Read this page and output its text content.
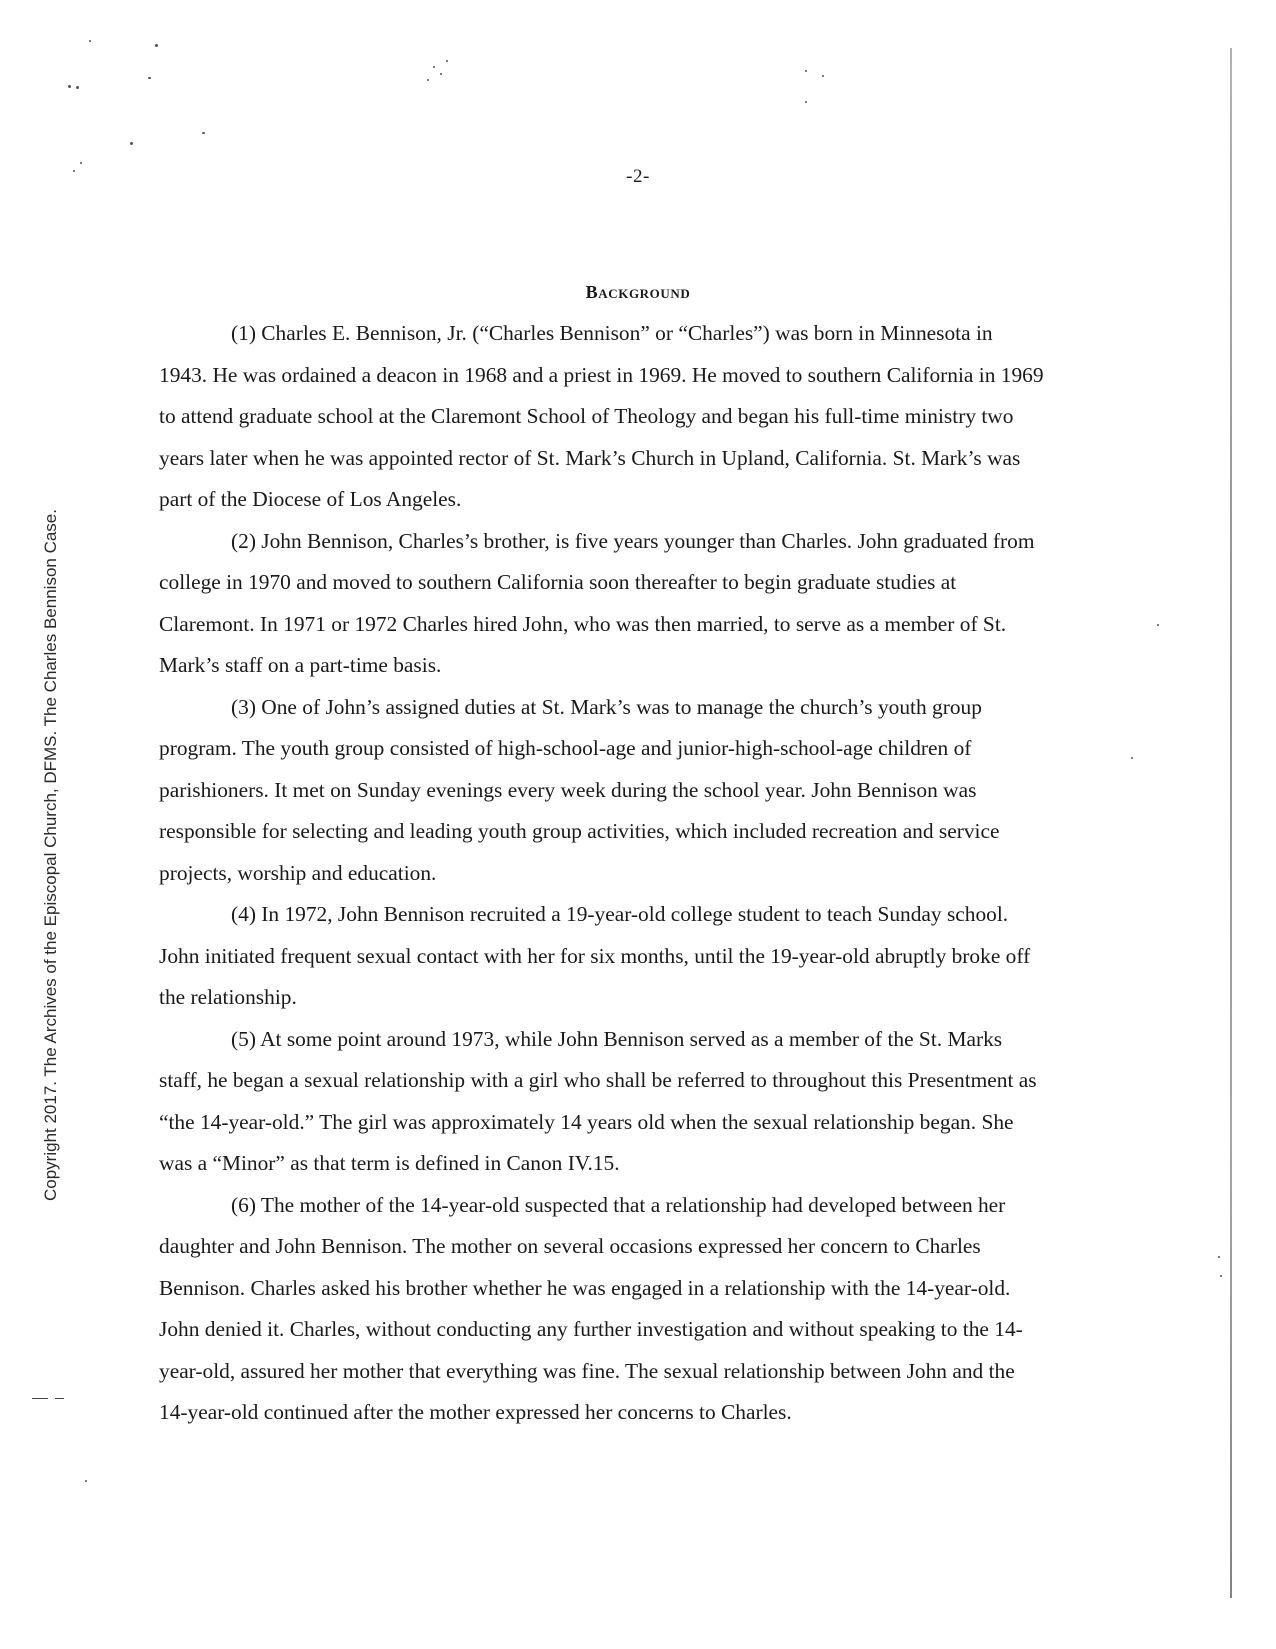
Copyright 2017. The Archives of the Episcopal Church, DFMS. The Charles Bennison Case.
-2-
Background

(1) Charles E. Bennison, Jr. (“Charles Bennison” or “Charles”) was born in Minnesota in 1943. He was ordained a deacon in 1968 and a priest in 1969. He moved to southern California in 1969 to attend graduate school at the Claremont School of Theology and began his full-time ministry two years later when he was appointed rector of St. Mark’s Church in Upland, California. St. Mark’s was part of the Diocese of Los Angeles.

(2) John Bennison, Charles’s brother, is five years younger than Charles. John graduated from college in 1970 and moved to southern California soon thereafter to begin graduate studies at Claremont. In 1971 or 1972 Charles hired John, who was then married, to serve as a member of St. Mark’s staff on a part-time basis.

(3) One of John’s assigned duties at St. Mark’s was to manage the church’s youth group program. The youth group consisted of high-school-age and junior-high-school-age children of parishioners. It met on Sunday evenings every week during the school year. John Bennison was responsible for selecting and leading youth group activities, which included recreation and service projects, worship and education.

(4) In 1972, John Bennison recruited a 19-year-old college student to teach Sunday school. John initiated frequent sexual contact with her for six months, until the 19-year-old abruptly broke off the relationship.

(5) At some point around 1973, while John Bennison served as a member of the St. Marks staff, he began a sexual relationship with a girl who shall be referred to throughout this Presentment as “the 14-year-old.” The girl was approximately 14 years old when the sexual relationship began. She was a “Minor” as that term is defined in Canon IV.15.

(6) The mother of the 14-year-old suspected that a relationship had developed between her daughter and John Bennison. The mother on several occasions expressed her concern to Charles Bennison. Charles asked his brother whether he was engaged in a relationship with the 14-year-old. John denied it. Charles, without conducting any further investigation and without speaking to the 14-year-old, assured her mother that everything was fine. The sexual relationship between John and the 14-year-old continued after the mother expressed her concerns to Charles.
